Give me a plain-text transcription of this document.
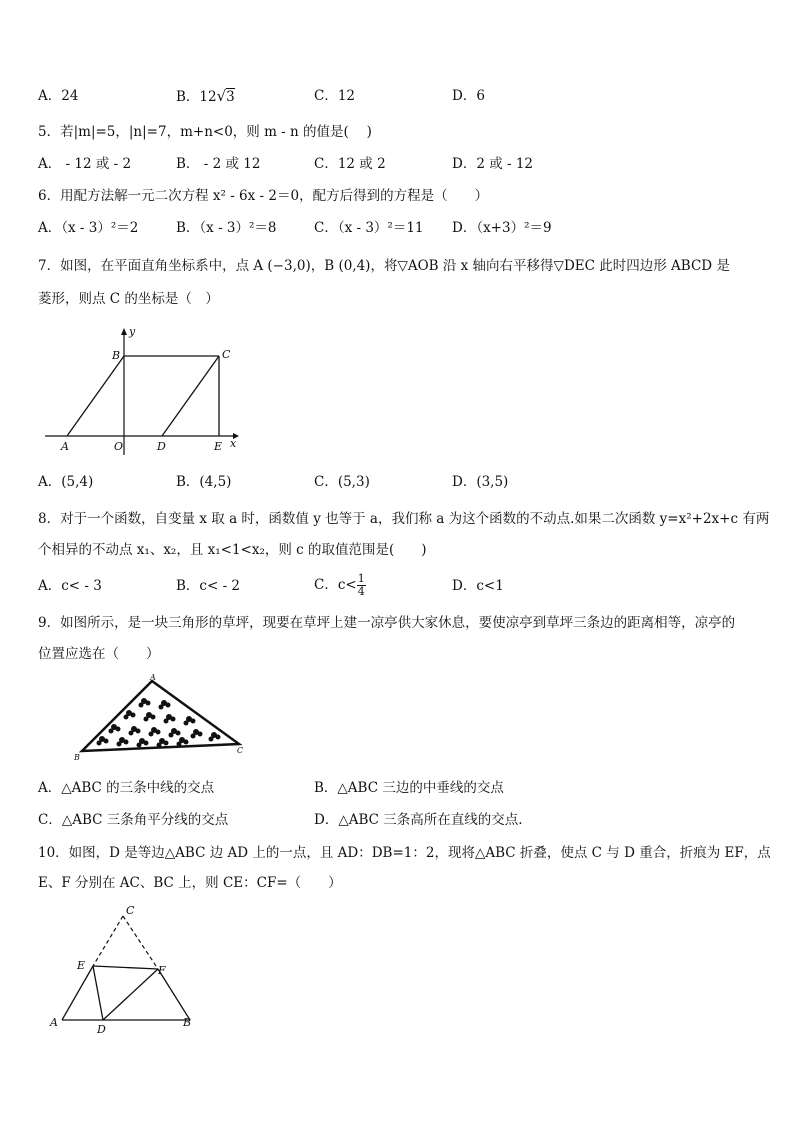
A．24	B．12√3	C．12	D．6
5．若|m|=5，|n|=7，m+n<0，则 m - n 的值是(　 )
A． - 12 或 - 2	B． - 2 或 12	C．12 或 2	D．2 或 - 12
6．用配方法解一元二次方程 x² - 6x - 2＝0，配方后得到的方程是（　　）
A．（x - 3）²＝2	B．（x - 3）²＝8	C．（x - 3）²＝11 D．（x+3）²＝9
7．如图，在平面直角坐标系中，点 A (−3,0)，B (0,4)，将▽AOB 沿 x 轴向右平移得▽DEC 此时四边形 ABCD 是
菱形，则点 C 的坐标是（　）
A
B	C
D	E
O	x
y
A．(5,4)	B．(4,5)	C．(5,3)	D．(3,5)
8．对于一个函数，自变量 x 取 a 时，函数值 y 也等于 a，我们称 a 为这个函数的不动点.如果二次函数 y=x²+2x+c 有两
个相异的不动点 x₁、x₂，且 x₁<1<x₂，则 c 的取值范围是(　　)
A．c< - 3	B．c< - 2	C．$c< \frac{1}{4}$	D．c<1
9．如图所示，是一块三角形的草坪，现要在草坪上建一凉亭供大家休息，要使凉亭到草坪三条边的距离相等，凉亭的
位置应选在（　　）
A
B
C
A．△ABC 的三条中线的交点	B．△ABC 三边的中垂线的交点
C．△ABC 三条角平分线的交点	D．△ABC 三条高所在直线的交点.
10．如图，D 是等边△ABC 边 AD 上的一点，且 AD：DB=1：2，现将△ABC 折叠，使点 C 与 D 重合，折痕为 EF，点
E、F 分别在 AC、BC 上，则 CE：CF=（　　）
C
E	F
A
D
B
